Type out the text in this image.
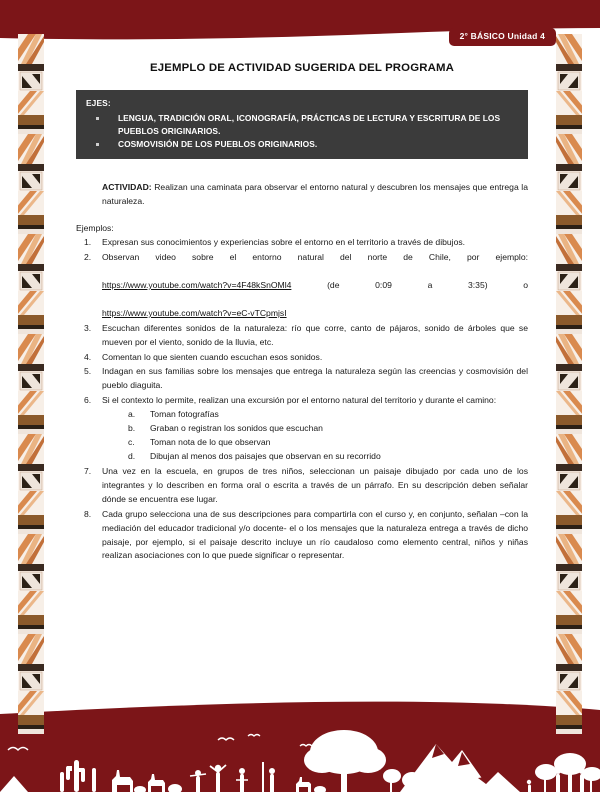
2° BÁSICO Unidad 4
EJEMPLO DE ACTIVIDAD SUGERIDA DEL PROGRAMA
EJES:
LENGUA, TRADICIÓN ORAL, ICONOGRAFÍA, PRÁCTICAS DE LECTURA Y ESCRITURA DE LOS PUEBLOS ORIGINARIOS.
COSMOVISIÓN DE LOS PUEBLOS ORIGINARIOS.

ACTIVIDAD: Realizan una caminata para observar el entorno natural y descubren los mensajes que entrega la naturaleza.

Ejemplos:
Expresan sus conocimientos y experiencias sobre el entorno en el territorio a través de dibujos.
Observan video sobre el entorno natural del norte de Chile, por ejemplo:
https://www.youtube.com/watch?v=4F48kSnOMl4	(de	0:09	a	3:35)	o
https://www.youtube.com/watch?v=eC-vTCpmjsI
Escuchan diferentes sonidos de la naturaleza: río que corre, canto de pájaros, sonido de árboles que se mueven por el viento, sonido de la lluvia, etc.
Comentan lo que sienten cuando escuchan esos sonidos.
Indagan en sus familias sobre los mensajes que entrega la naturaleza según las creencias y cosmovisión del pueblo diaguita.
Si el contexto lo permite, realizan una excursión por el entorno natural del territorio y durante el camino:
Toman fotografías
Graban o registran los sonidos que escuchan
Toman nota de lo que observan
Dibujan al menos dos paisajes que observan en su recorrido
Una vez en la escuela, en grupos de tres niños, seleccionan un paisaje dibujado por cada uno de los integrantes y lo describen en forma oral o escrita a través de un párrafo. En su descripción deben señalar dónde se encuentra ese lugar.
Cada grupo selecciona una de sus descripciones para compartirla con el curso y, en conjunto, señalan –con la mediación del educador tradicional y/o docente- el o los mensajes que la naturaleza entrega a través de dicho paisaje, por ejemplo, si el paisaje descrito incluye un río caudaloso como elemento central, niños y niñas realizan asociaciones con lo que puede significar o representar.
